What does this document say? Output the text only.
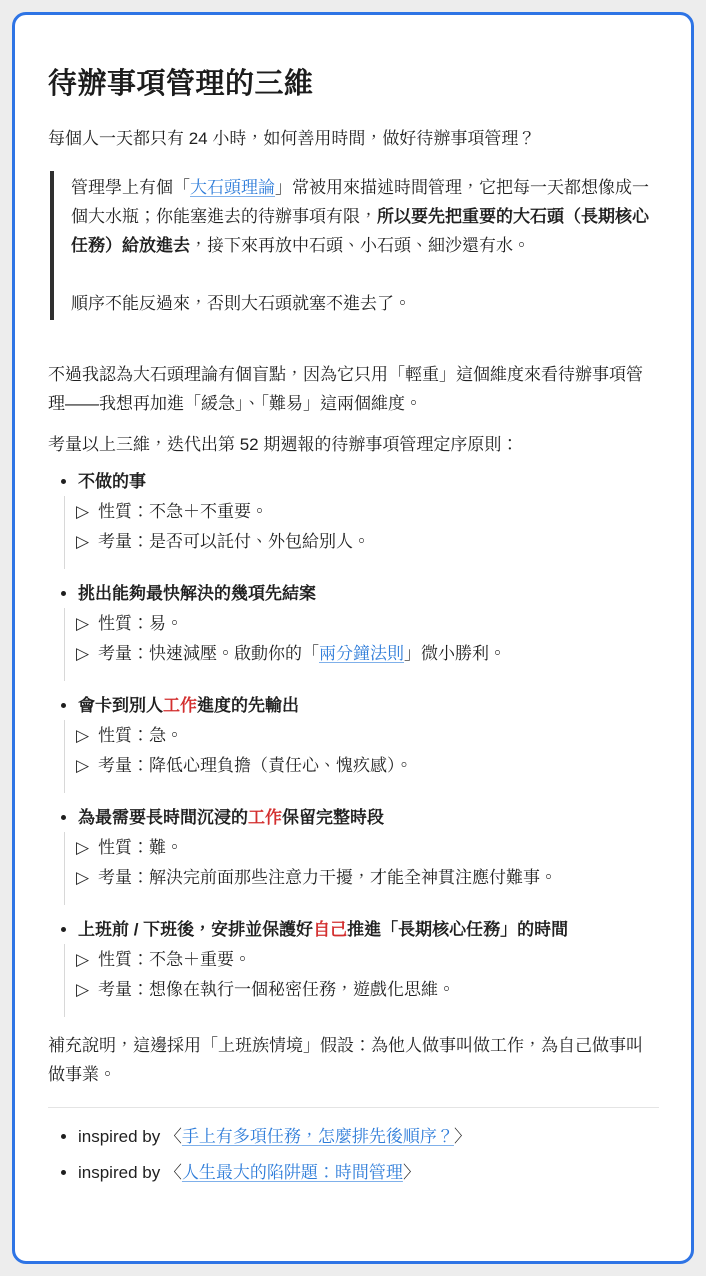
待辦事項管理的三維

每個人一天都只有 24 小時，如何善用時間，做好待辦事項管理？

管理學上有個「大石頭理論」常被用來描述時間管理，它把每一天都想像成一個大水瓶；你能塞進去的待辦事項有限，所以要先把重要的大石頭（長期核心任務）給放進去，接下來再放中石頭、小石頭、細沙還有水。

順序不能反過來，否則大石頭就塞不進去了。

不過我認為大石頭理論有個盲點，因為它只用「輕重」這個維度來看待辦事項管理——我想再加進「緩急」、「難易」這兩個維度。

考量以上三維，迭代出第 52 期週報的待辦事項管理定序原則：

• 不做的事
▷ 性質：不急＋不重要。
▷ 考量：是否可以託付、外包給別人。
• 挑出能夠最快解決的幾項先結案
▷ 性質：易。
▷ 考量：快速減壓。啟動你的「兩分鐘法則」微小勝利。
• 會卡到別人工作進度的先輸出
▷ 性質：急。
▷ 考量：降低心理負擔（責任心、愧疚感）。
• 為最需要長時間沉浸的工作保留完整時段
▷ 性質：難。
▷ 考量：解決完前面那些注意力干擾，才能全神貫注應付難事。
• 上班前 / 下班後，安排並保護好自己推進「長期核心任務」的時間
▷ 性質：不急＋重要。
▷ 考量：想像在執行一個秘密任務，遊戲化思維。

補充說明，這邊採用「上班族情境」假設：為他人做事叫做工作，為自己做事叫做事業。

• inspired by 〈手上有多項任務，怎麼排先後順序？〉
• inspired by 〈人生最大的陷阱題：時間管理〉
